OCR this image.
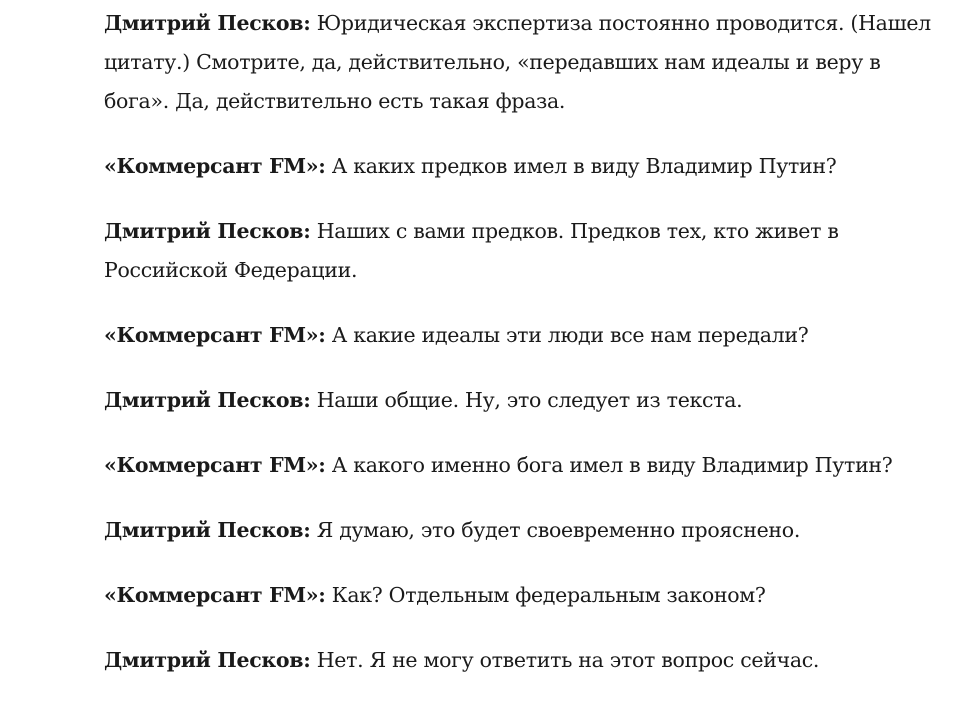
Дмитрий Песков: Юридическая экспертиза постоянно проводится. (Нашел цитату.) Смотрите, да, действительно, «передавших нам идеалы и веру в бога». Да, действительно есть такая фраза.

«Коммерсант FM»: А каких предков имел в виду Владимир Путин?

Дмитрий Песков: Наших с вами предков. Предков тех, кто живет в Российской Федерации.

«Коммерсант FM»: А какие идеалы эти люди все нам передали?

Дмитрий Песков: Наши общие. Ну, это следует из текста.

«Коммерсант FM»: А какого именно бога имел в виду Владимир Путин?

Дмитрий Песков: Я думаю, это будет своевременно прояснено.

«Коммерсант FM»: Как? Отдельным федеральным законом?

Дмитрий Песков: Нет. Я не могу ответить на этот вопрос сейчас.
